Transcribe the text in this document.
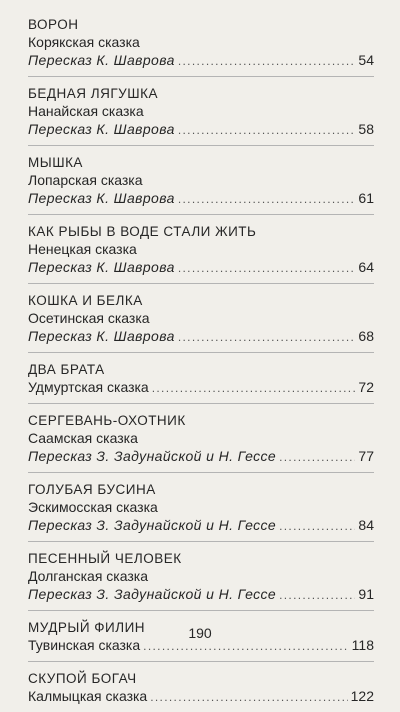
ВОРОН
Корякская сказка
Пересказ К. Шаврова . . .	54
БЕДНАЯ ЛЯГУШКА
Нанайская сказка
Пересказ К. Шаврова . . .	58
МЫШКА
Лопарская сказка
Пересказ К. Шаврова . . .	61
КАК РЫБЫ В ВОДЕ СТАЛИ ЖИТЬ
Ненецкая сказка
Пересказ К. Шаврова . . .	64
КОШКА И БЕЛКА
Осетинская сказка
Пересказ К. Шаврова . . .	68
ДВА БРАТА
Удмуртская сказка . . .	72
СЕРГЕВАНЬ-ОХОТНИК
Саамская сказка
Пересказ З. Задунайской и Н. Гессе . . .	77
ГОЛУБАЯ БУСИНА
Эскимосская сказка
Пересказ З. Задунайской и Н. Гессе . . .	84
ПЕСЕННЫЙ ЧЕЛОВЕК
Долганская сказка
Пересказ З. Задунайской и Н. Гессе . . .	91
МУДРЫЙ ФИЛИН
Тувинская сказка . . .	118
СКУПОЙ БОГАЧ
Калмыцкая сказка . . .	122
190
